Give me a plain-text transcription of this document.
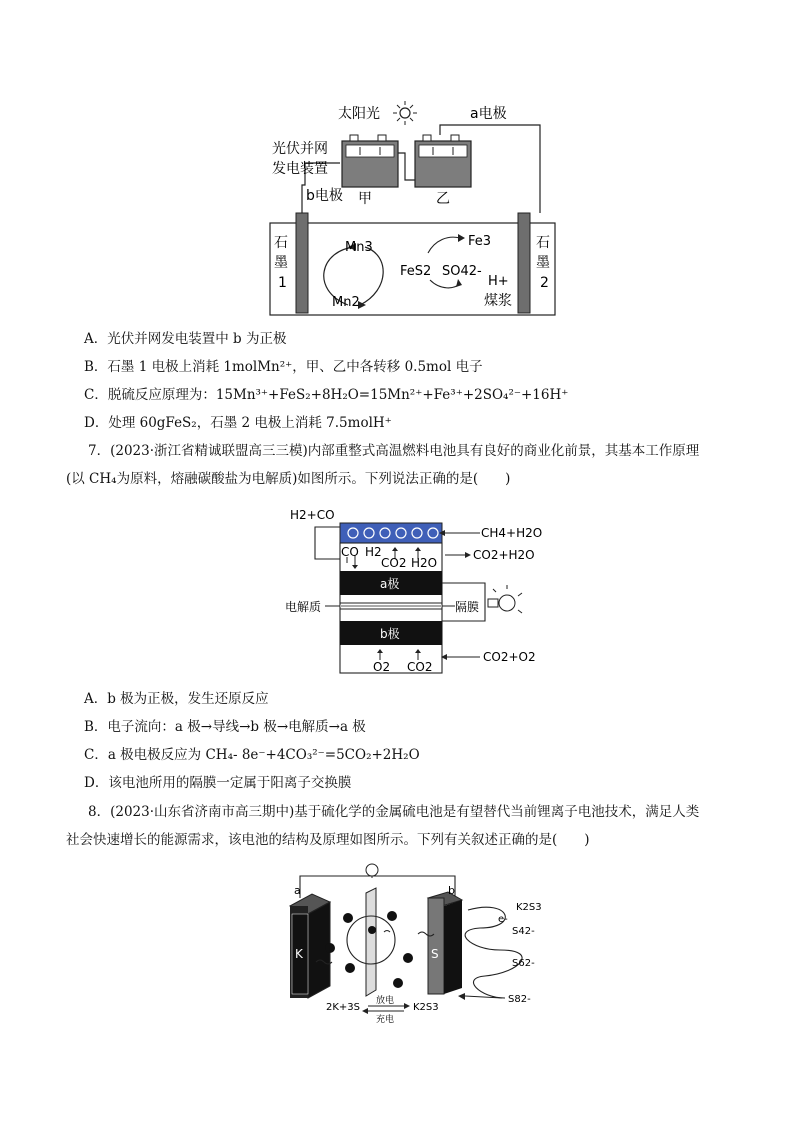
太阳光	a电极
光伏并网
发电装置
b电极 甲	乙
石
墨
1
石
墨
2
Mn3
Mn2
Fe3
FeS2 SO42-
H+
煤浆
A．光伏并网发电装置中 b 为正极
B．石墨 1 电极上消耗 1molMn²⁺，甲、乙中各转移 0.5mol 电子
C．脱硫反应原理为：15Mn³⁺+FeS₂+8H₂O=15Mn²⁺+Fe³⁺+2SO₄²⁻+16H⁺
D．处理 60gFeS₂，石墨 2 电极上消耗 7.5molH⁺
7．(2023·浙江省精诚联盟高三三模)内部重整式高温燃料电池具有良好的商业化前景，其基本工作原理
(以 CH₄为原料，熔融碳酸盐为电解质)如图所示。下列说法正确的是(　　)
H2+CO
CH4+H2O
CO H2
CO2 H2O
CO2+H2O
a极
电解质	隔膜
b极
O2 CO2
CO2+O2
A．b 极为正极，发生还原反应
B．电子流向：a 极→导线→b 极→电解质→a 极
C．a 极电极反应为 CH₄- 8e⁻+4CO₃²⁻=5CO₂+2H₂O
D．该电池所用的隔膜一定属于阳离子交换膜
8．(2023·山东省济南市高三期中)基于硫化学的金属硫电池是有望替代当前锂离子电池技术，满足人类
社会快速增长的能源需求，该电池的结构及原理如图所示。下列有关叙述正确的是(　　)
a	b
K	S
K2S3
e-
S42-
S62-
S82-
2K+3S	K2S3
放电
充电
